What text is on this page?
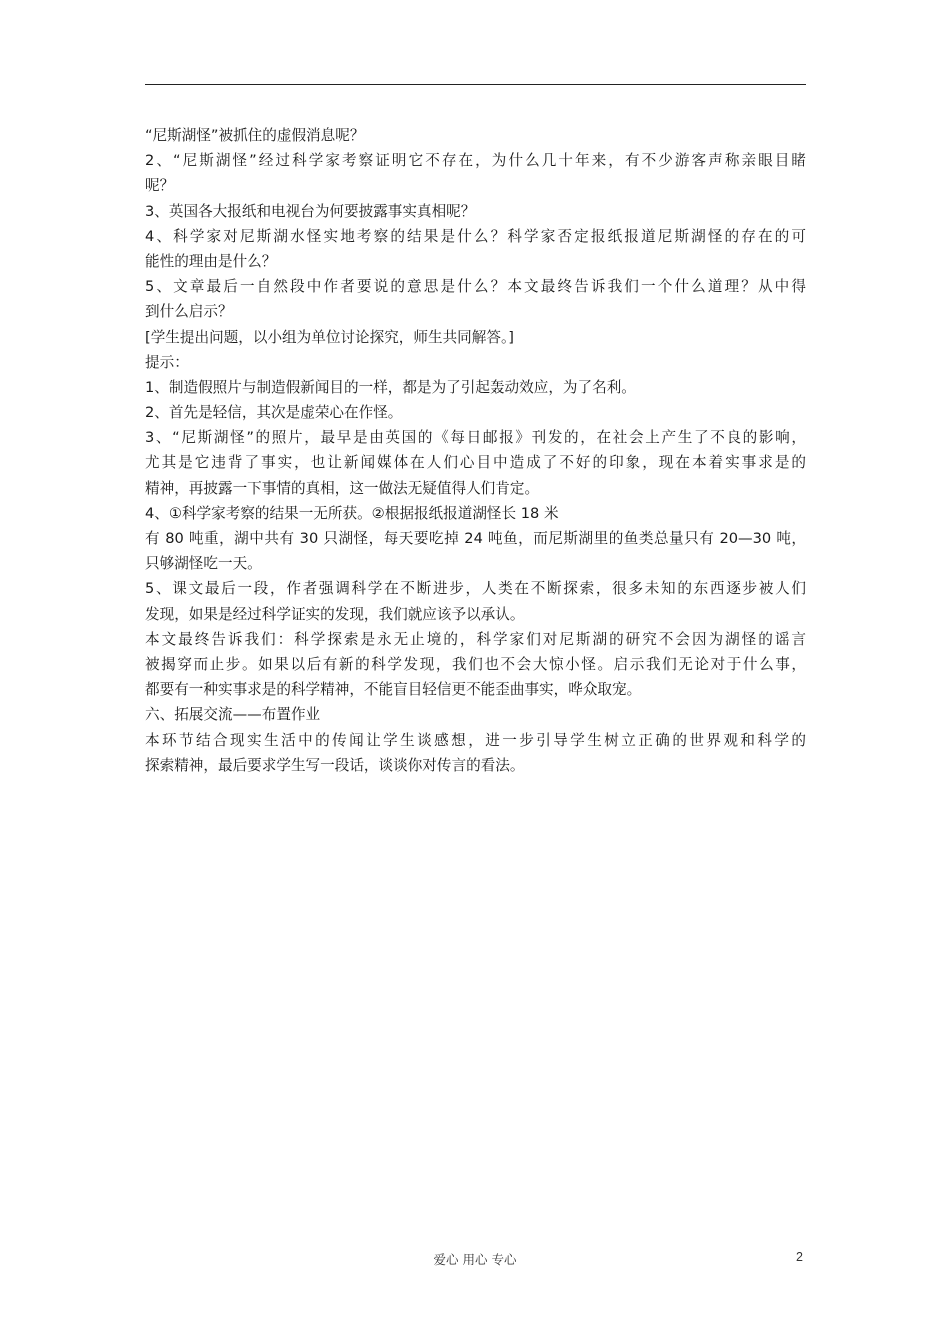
“尼斯湖怪”被抓住的虚假消息呢？
2、“尼斯湖怪”经过科学家考察证明它不存在，为什么几十年来，有不少游客声称亲眼目睹
呢？
3、英国各大报纸和电视台为何要披露事实真相呢？
4、科学家对尼斯湖水怪实地考察的结果是什么？科学家否定报纸报道尼斯湖怪的存在的可
能性的理由是什么？
5、文章最后一自然段中作者要说的意思是什么？本文最终告诉我们一个什么道理？从中得
到什么启示？
[学生提出问题，以小组为单位讨论探究，师生共同解答。]
提示：
1、制造假照片与制造假新闻目的一样，都是为了引起轰动效应，为了名利。
2、首先是轻信，其次是虚荣心在作怪。
3、“尼斯湖怪”的照片，最早是由英国的《每日邮报》刊发的，在社会上产生了不良的影响，
尤其是它违背了事实，也让新闻媒体在人们心目中造成了不好的印象，现在本着实事求是的
精神，再披露一下事情的真相，这一做法无疑值得人们肯定。
4、①科学家考察的结果一无所获。②根据报纸报道湖怪长 18 米
有 80 吨重，湖中共有 30 只湖怪，每天要吃掉 24 吨鱼，而尼斯湖里的鱼类总量只有 20—30 吨，
只够湖怪吃一天。
5、课文最后一段，作者强调科学在不断进步，人类在不断探索，很多未知的东西逐步被人们
发现，如果是经过科学证实的发现，我们就应该予以承认。
本文最终告诉我们：科学探索是永无止境的，科学家们对尼斯湖的研究不会因为湖怪的谣言
被揭穿而止步。如果以后有新的科学发现，我们也不会大惊小怪。启示我们无论对于什么事，
都要有一种实事求是的科学精神，不能盲目轻信更不能歪曲事实，哗众取宠。
六、拓展交流——布置作业
本环节结合现实生活中的传闻让学生谈感想，进一步引导学生树立正确的世界观和科学的
探索精神，最后要求学生写一段话，谈谈你对传言的看法。
爱心 用心 专心	2
